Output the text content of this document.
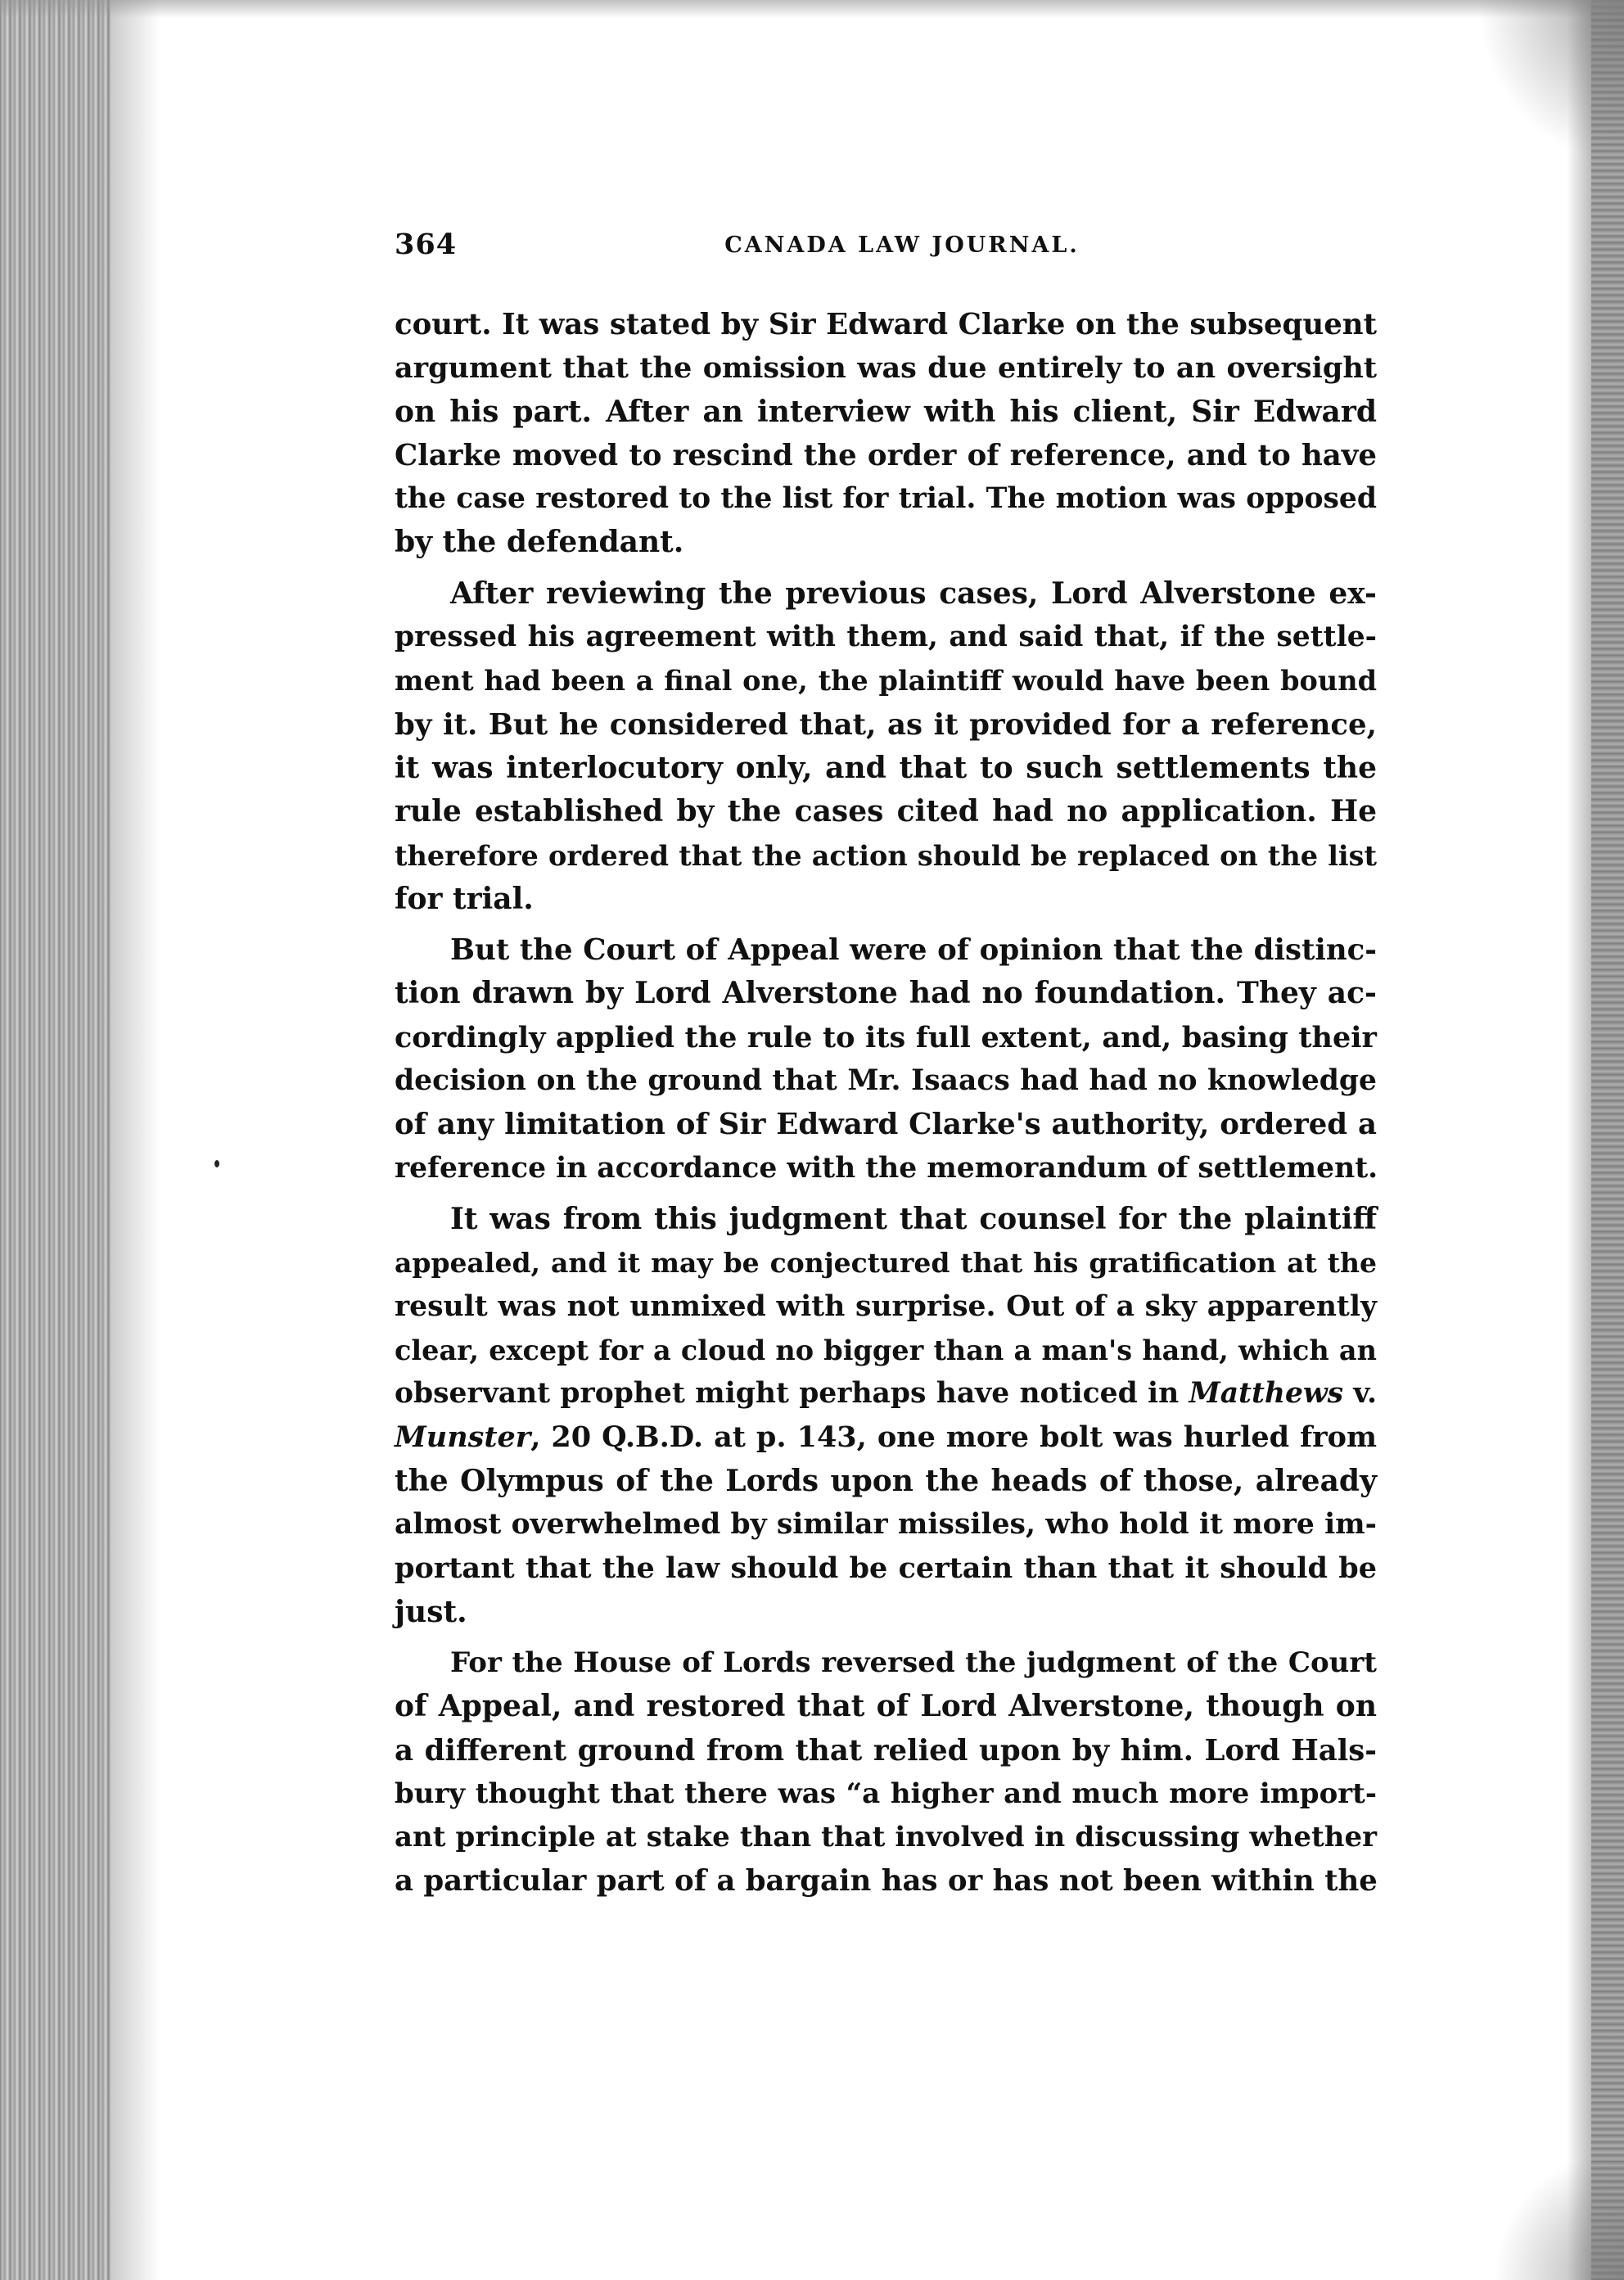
364	CANADA LAW JOURNAL.
court. It was stated by Sir Edward Clarke on the subsequent
argument that the omission was due entirely to an oversight
on his part. After an interview with his client, Sir Edward
Clarke moved to rescind the order of reference, and to have
the case restored to the list for trial. The motion was opposed
by the defendant.
After reviewing the previous cases, Lord Alverstone ex-
pressed his agreement with them, and said that, if the settle-
ment had been a final one, the plaintiff would have been bound
by it. But he considered that, as it provided for a reference,
it was interlocutory only, and that to such settlements the
rule established by the cases cited had no application. He
therefore ordered that the action should be replaced on the list
for trial.
But the Court of Appeal were of opinion that the distinc-
tion drawn by Lord Alverstone had no foundation. They ac-
cordingly applied the rule to its full extent, and, basing their
decision on the ground that Mr. Isaacs had had no knowledge
of any limitation of Sir Edward Clarke's authority, ordered a
reference in accordance with the memorandum of settlement.
It was from this judgment that counsel for the plaintiff
appealed, and it may be conjectured that his gratification at the
result was not unmixed with surprise. Out of a sky apparently
clear, except for a cloud no bigger than a man's hand, which an
observant prophet might perhaps have noticed in Matthews v.
Munster, 20 Q.B.D. at p. 143, one more bolt was hurled from
the Olympus of the Lords upon the heads of those, already
almost overwhelmed by similar missiles, who hold it more im-
portant that the law should be certain than that it should be
just.
For the House of Lords reversed the judgment of the Court
of Appeal, and restored that of Lord Alverstone, though on
a different ground from that relied upon by him. Lord Hals-
bury thought that there was “a higher and much more import-
ant principle at stake than that involved in discussing whether
a particular part of a bargain has or has not been within the
